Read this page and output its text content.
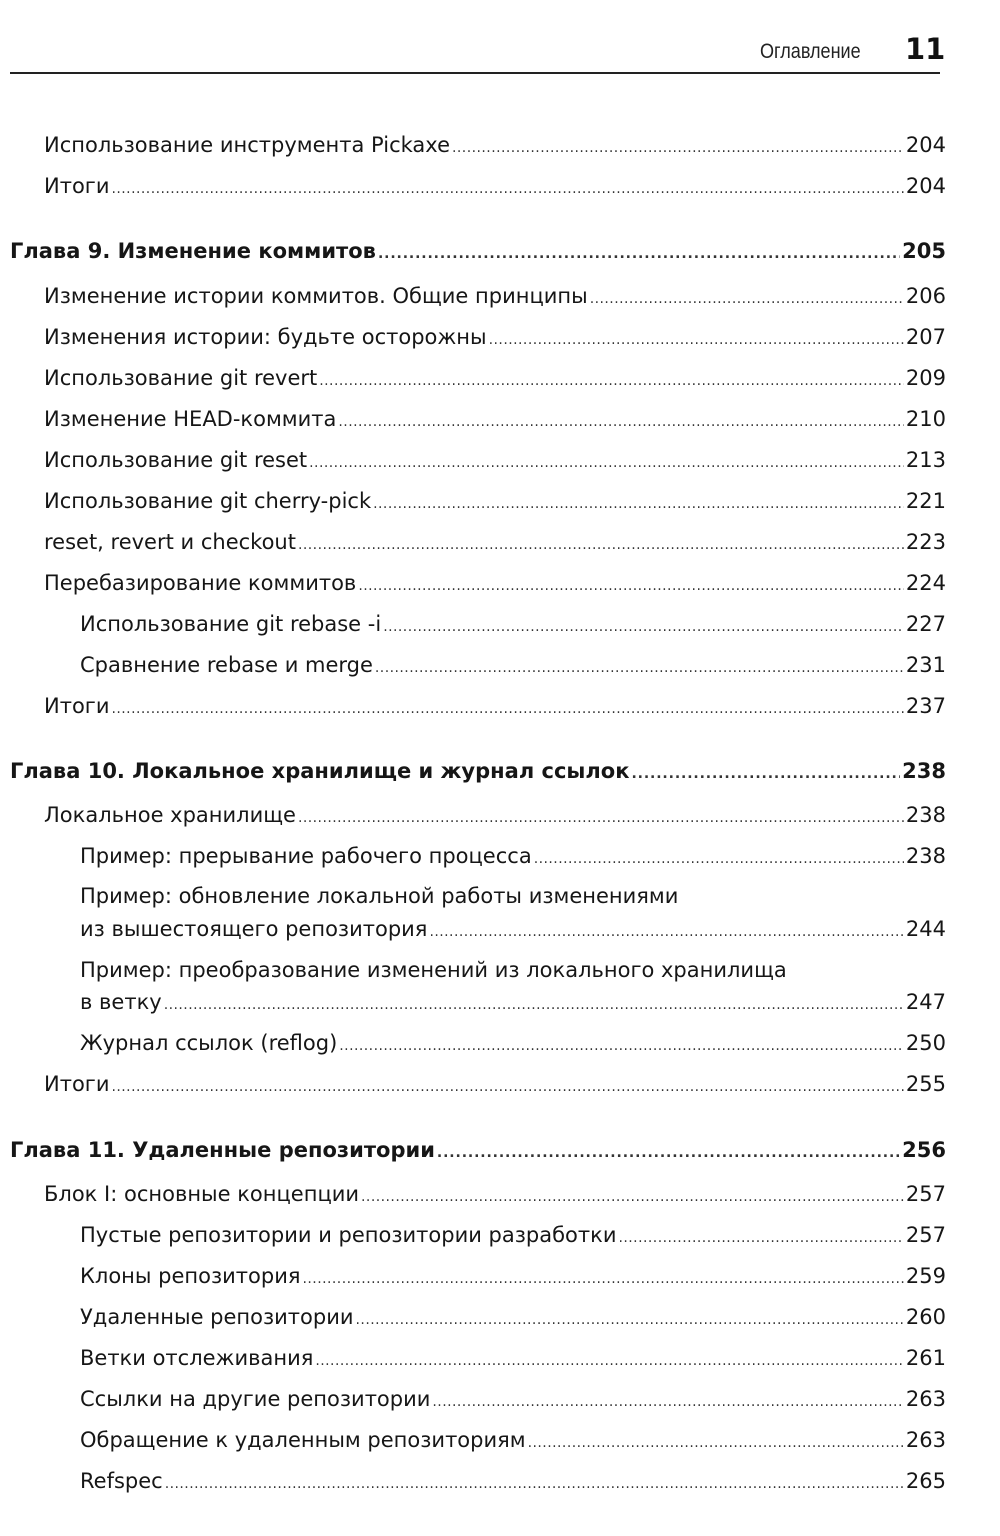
Оглавление 11
Использование инструмента Pickaxe . . .	204
Итоги . . .	204
Глава 9. Изменение коммитов . . .	205
Изменение истории коммитов. Общие принципы . . .	206
Изменения истории: будьте осторожны . . .	207
Использование git revert . . .	209
Изменение HEAD-коммита . . .	210
Использование git reset . . .	213
Использование git cherry-pick . . .	221
reset, revert и checkout . . .	223
Перебазирование коммитов . . .	224
Использование git rebase -i . . .	227
Сравнение rebase и merge . . .	231
Итоги . . .	237
Глава 10. Локальное хранилище и журнал ссылок . . .	238
Локальное хранилище . . .	238
Пример: прерывание рабочего процесса . . .	238
Пример: обновление локальной работы изменениями
из вышестоящего репозитория . . .	244
Пример: преобразование изменений из локального хранилища
в ветку . . .	247
Журнал ссылок (reflog) . . .	250
Итоги . . .	255
Глава 11. Удаленные репозитории . . .	256
Блок I: основные концепции . . .	257
Пустые репозитории и репозитории разработки . . .	257
Клоны репозитория . . .	259
Удаленные репозитории . . .	260
Ветки отслеживания . . .	261
Ссылки на другие репозитории . . .	263
Обращение к удаленным репозиториям . . .	263
Refspec . . .	265
